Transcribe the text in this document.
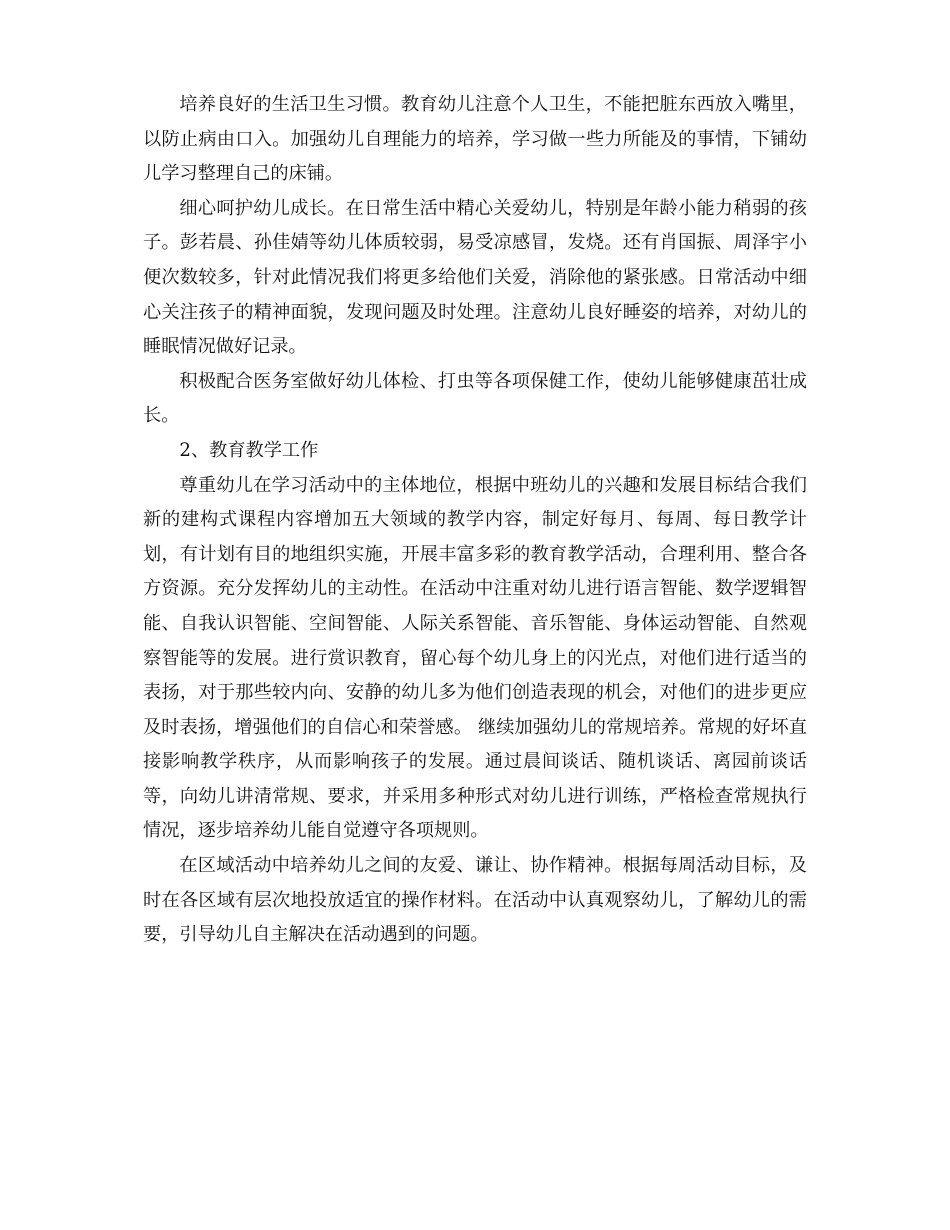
培养良好的生活卫生习惯。教育幼儿注意个人卫生，不能把脏东西放入嘴里，以防止病由口入。加强幼儿自理能力的培养，学习做一些力所能及的事情，下铺幼儿学习整理自己的床铺。

细心呵护幼儿成长。在日常生活中精心关爱幼儿，特别是年龄小能力稍弱的孩子。彭若晨、孙佳婧等幼儿体质较弱，易受凉感冒，发烧。还有肖国振、周泽宇小便次数较多，针对此情况我们将更多给他们关爱，消除他的紧张感。日常活动中细心关注孩子的精神面貌，发现问题及时处理。注意幼儿良好睡姿的培养，对幼儿的睡眠情况做好记录。

积极配合医务室做好幼儿体检、打虫等各项保健工作，使幼儿能够健康茁壮成长。

2、教育教学工作

尊重幼儿在学习活动中的主体地位，根据中班幼儿的兴趣和发展目标结合我们新的建构式课程内容增加五大领域的教学内容，制定好每月、每周、每日教学计划，有计划有目的地组织实施，开展丰富多彩的教育教学活动，合理利用、整合各方资源。充分发挥幼儿的主动性。在活动中注重对幼儿进行语言智能、数学逻辑智能、自我认识智能、空间智能、人际关系智能、音乐智能、身体运动智能、自然观察智能等的发展。进行赏识教育，留心每个幼儿身上的闪光点，对他们进行适当的表扬，对于那些较内向、安静的幼儿多为他们创造表现的机会，对他们的进步更应及时表扬，增强他们的自信心和荣誉感。 继续加强幼儿的常规培养。常规的好坏直接影响教学秩序，从而影响孩子的发展。通过晨间谈话、随机谈话、离园前谈话等，向幼儿讲清常规、要求，并采用多种形式对幼儿进行训练，严格检查常规执行情况，逐步培养幼儿能自觉遵守各项规则。

在区域活动中培养幼儿之间的友爱、谦让、协作精神。根据每周活动目标，及时在各区域有层次地投放适宜的操作材料。在活动中认真观察幼儿，了解幼儿的需要，引导幼儿自主解决在活动遇到的问题。
